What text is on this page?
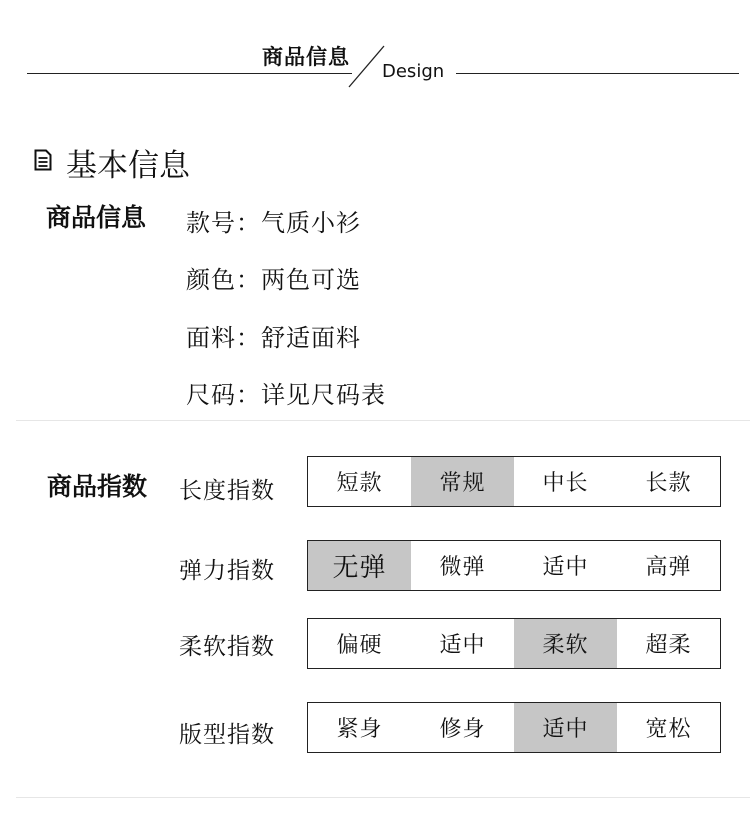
商品信息
Design
基本信息
商品信息 款号：气质小衫
颜色：两色可选
面料：舒适面料
尺码：详见尺码表
商品指数 长度指数	短款	常规	中长	长款
弹力指数	无弹	微弹	适中	高弹
柔软指数	偏硬	适中	柔软	超柔
版型指数	紧身	修身	适中	宽松
